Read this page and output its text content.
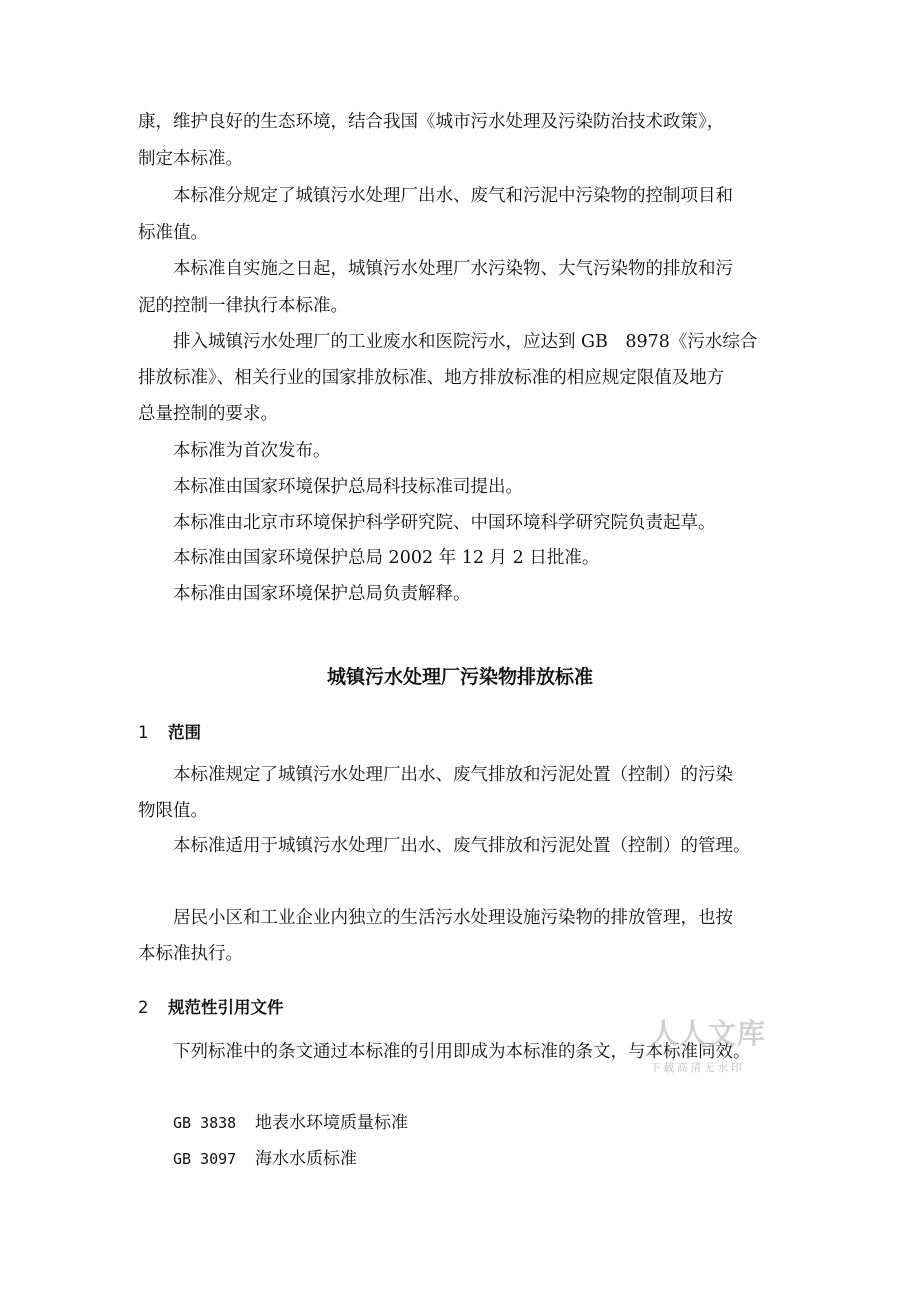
康，维护良好的生态环境，结合我国《城市污水处理及污染防治技术政策》，

制定本标准。

本标准分规定了城镇污水处理厂出水、废气和污泥中污染物的控制项目和

标准值。

本标准自实施之日起，城镇污水处理厂水污染物、大气污染物的排放和污

泥的控制一律执行本标准。

排入城镇污水处理厂的工业废水和医院污水，应达到 GB　8978《污水综合

排放标准》、相关行业的国家排放标准、地方排放标准的相应规定限值及地方

总量控制的要求。

本标准为首次发布。

本标准由国家环境保护总局科技标准司提出。

本标准由北京市环境保护科学研究院、中国环境科学研究院负责起草。

本标准由国家环境保护总局 2002 年 12 月 2 日批准。

本标准由国家环境保护总局负责解释。

城镇污水处理厂污染物排放标准
1 范围

本标准规定了城镇污水处理厂出水、废气排放和污泥处置（控制）的污染

物限值。

本标准适用于城镇污水处理厂出水、废气排放和污泥处置（控制）的管理。

居民小区和工业企业内独立的生活污水处理设施污染物的排放管理，也按

本标准执行。

2 规范性引用文件

下列标准中的条文通过本标准的引用即成为本标准的条文，与本标准同效。

GB 3838 地表水环境质量标准

GB 3097 海水水质标准

人人文库
下载高清无水印
